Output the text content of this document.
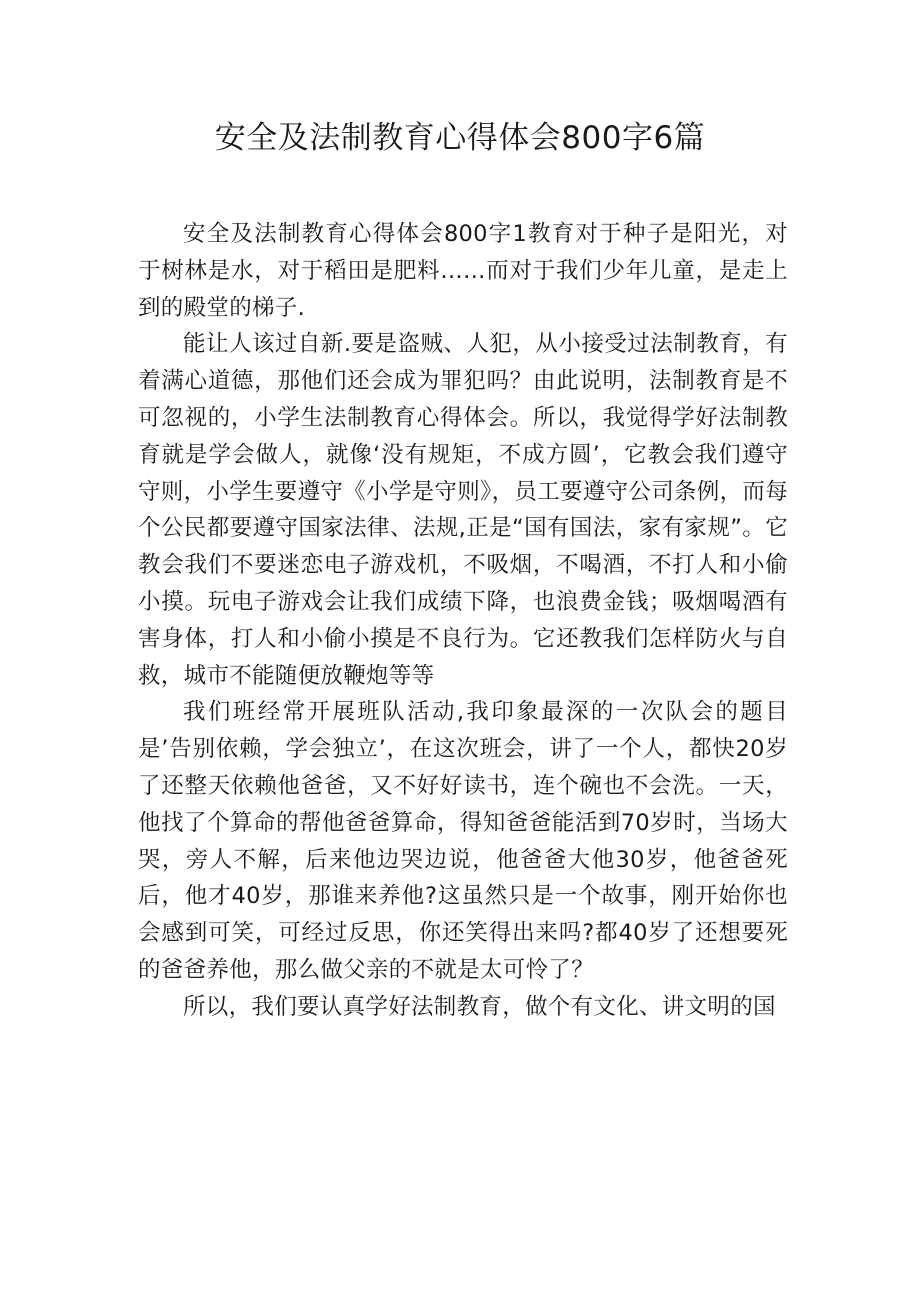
安全及法制教育心得体会800字6篇

安全及法制教育心得体会800字1教育对于种子是阳光，对于树林是水，对于稻田是肥料……而对于我们少年儿童，是走上到的殿堂的梯子.

能让人该过自新.要是盗贼、人犯，从小接受过法制教育，有着满心道德，那他们还会成为罪犯吗？由此说明，法制教育是不可忽视的，小学生法制教育心得体会。所以，我觉得学好法制教育就是学会做人，就像‘没有规矩，不成方圆’，它教会我们遵守守则，小学生要遵守《小学是守则》，员工要遵守公司条例，而每个公民都要遵守国家法律、法规,正是“国有国法，家有家规”。它教会我们不要迷恋电子游戏机，不吸烟，不喝酒，不打人和小偷小摸。玩电子游戏会让我们成绩下降，也浪费金钱；吸烟喝酒有害身体，打人和小偷小摸是不良行为。它还教我们怎样防火与自救，城市不能随便放鞭炮等等

我们班经常开展班队活动,我印象最深的一次队会的题目是’告别依赖，学会独立’，在这次班会，讲了一个人，都快20岁了还整天依赖他爸爸，又不好好读书，连个碗也不会洗。一天，他找了个算命的帮他爸爸算命，得知爸爸能活到70岁时，当场大哭，旁人不解，后来他边哭边说，他爸爸大他30岁，他爸爸死后，他才40岁，那谁来养他?这虽然只是一个故事，刚开始你也会感到可笑，可经过反思，你还笑得出来吗?都40岁了还想要死的爸爸养他，那么做父亲的不就是太可怜了？

所以，我们要认真学好法制教育，做个有文化、讲文明的国
